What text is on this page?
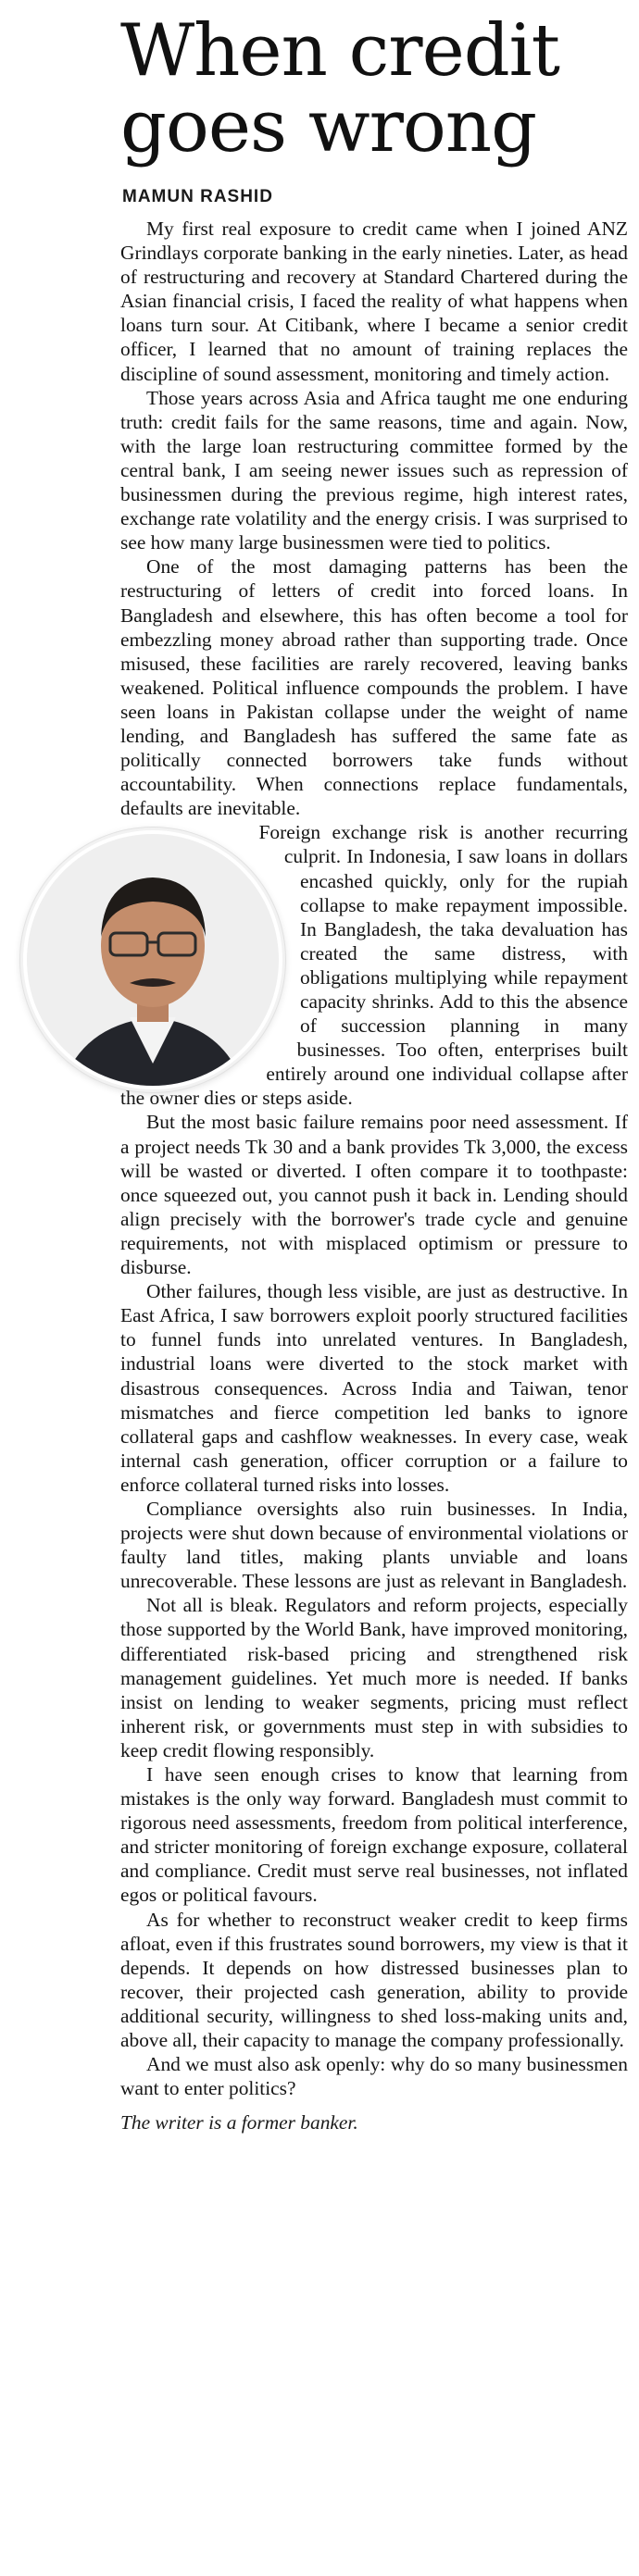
When credit goes wrong
MAMUN RASHID

My first real exposure to credit came when I joined ANZ Grindlays corporate banking in the early nineties. Later, as head of restructuring and recovery at Standard Chartered during the Asian financial crisis, I faced the reality of what happens when loans turn sour. At Citibank, where I became a senior credit officer, I learned that no amount of training replaces the discipline of sound assessment, monitoring and timely action.

Those years across Asia and Africa taught me one enduring truth: credit fails for the same reasons, time and again. Now, with the large loan restructuring committee formed by the central bank, I am seeing newer issues such as repression of businessmen during the previous regime, high interest rates, exchange rate volatility and the energy crisis. I was surprised to see how many large businessmen were tied to politics.

One of the most damaging patterns has been the restructuring of letters of credit into forced loans. In Bangladesh and elsewhere, this has often become a tool for embezzling money abroad rather than supporting trade. Once misused, these facilities are rarely recovered, leaving banks weakened. Political influence compounds the problem. I have seen loans in Pakistan collapse under the weight of name lending, and Bangladesh has suffered the same fate as politically connected borrowers take funds without accountability. When connections replace fundamentals, defaults are inevitable.

Foreign exchange risk is another recurring culprit. In Indonesia, I saw loans in dollars encashed quickly, only for the rupiah collapse to make repayment impossible. In Bangladesh, the taka devaluation has created the same distress, with obligations multiplying while repayment capacity shrinks. Add to this the absence of succession planning in many businesses. Too often, enterprises built entirely around one individual collapse after the owner dies or steps aside.

But the most basic failure remains poor need assessment. If a project needs Tk 30 and a bank provides Tk 3,000, the excess will be wasted or diverted. I often compare it to toothpaste: once squeezed out, you cannot push it back in. Lending should align precisely with the borrower's trade cycle and genuine requirements, not with misplaced optimism or pressure to disburse.

Other failures, though less visible, are just as destructive. In East Africa, I saw borrowers exploit poorly structured facilities to funnel funds into unrelated ventures. In Bangladesh, industrial loans were diverted to the stock market with disastrous consequences. Across India and Taiwan, tenor mismatches and fierce competition led banks to ignore collateral gaps and cashflow weaknesses. In every case, weak internal cash generation, officer corruption or a failure to enforce collateral turned risks into losses.

Compliance oversights also ruin businesses. In India, projects were shut down because of environmental violations or faulty land titles, making plants unviable and loans unrecoverable. These lessons are just as relevant in Bangladesh.

Not all is bleak. Regulators and reform projects, especially those supported by the World Bank, have improved monitoring, differentiated risk-based pricing and strengthened risk management guidelines. Yet much more is needed. If banks insist on lending to weaker segments, pricing must reflect inherent risk, or governments must step in with subsidies to keep credit flowing responsibly.

I have seen enough crises to know that learning from mistakes is the only way forward. Bangladesh must commit to rigorous need assessments, freedom from political interference, and stricter monitoring of foreign exchange exposure, collateral and compliance. Credit must serve real businesses, not inflated egos or political favours.

As for whether to reconstruct weaker credit to keep firms afloat, even if this frustrates sound borrowers, my view is that it depends. It depends on how distressed businesses plan to recover, their projected cash generation, ability to provide additional security, willingness to shed loss-making units and, above all, their capacity to manage the company professionally.

And we must also ask openly: why do so many businessmen want to enter politics?

The writer is a former banker.
